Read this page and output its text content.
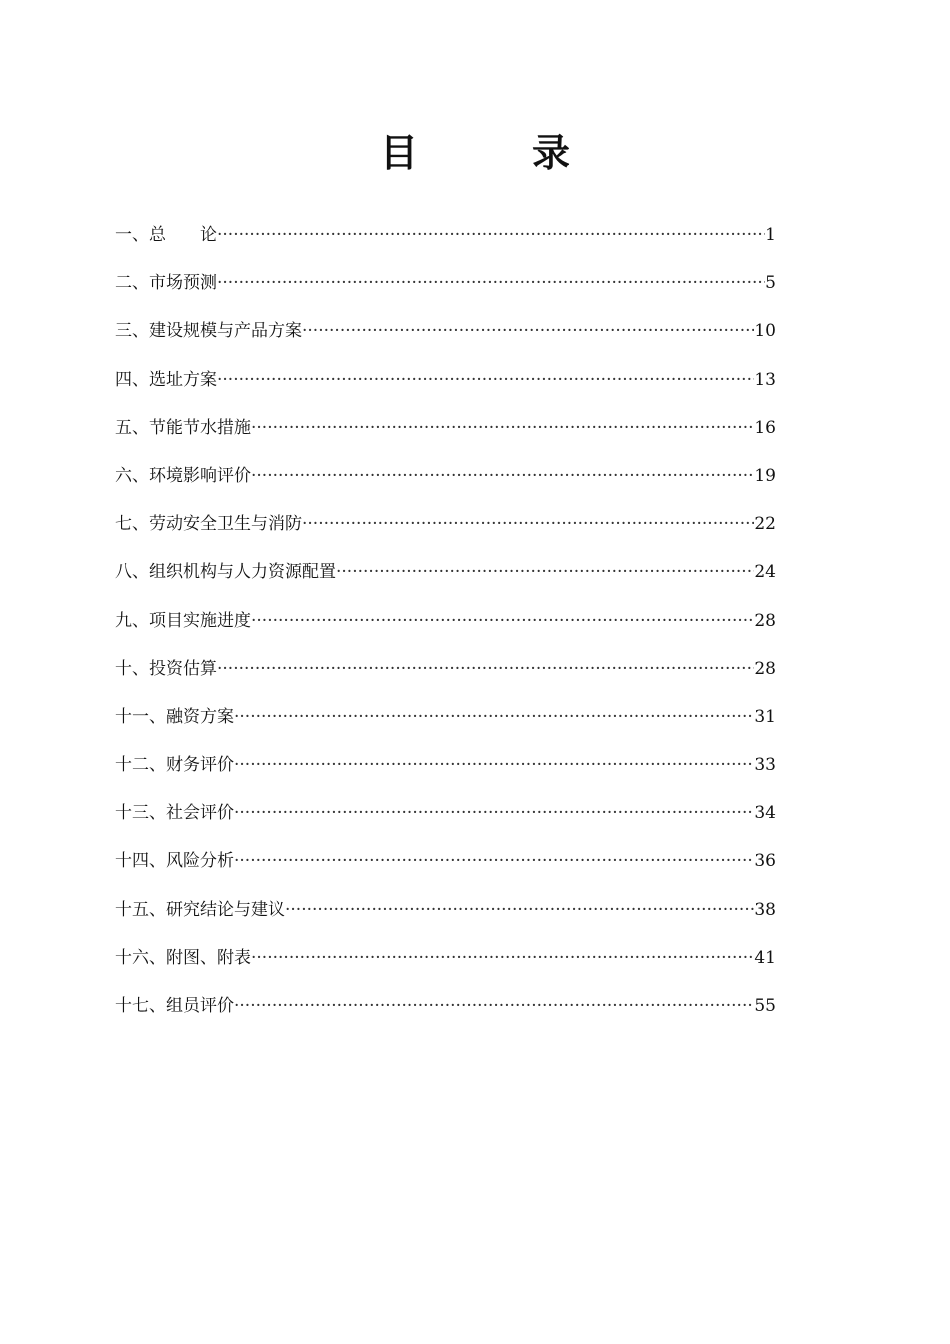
目　　　录
一、总　　论 ·····	1
二、市场预测 ·····	5
三、建设规模与产品方案 ·····	10
四、选址方案 ·····	13
五、节能节水措施 ·····	16
六、环境影响评价 ·····	19
七、劳动安全卫生与消防 ·····	22
八、组织机构与人力资源配置 ·····	24
九、项目实施进度 ·····	28
十、投资估算 ·····	28
十一、融资方案 ·····	31
十二、财务评价 ·····	33
十三、社会评价 ·····	34
十四、风险分析 ·····	36
十五、研究结论与建议 ·····	38
十六、附图、附表 ·····	41
十七、组员评价 ·····	55
